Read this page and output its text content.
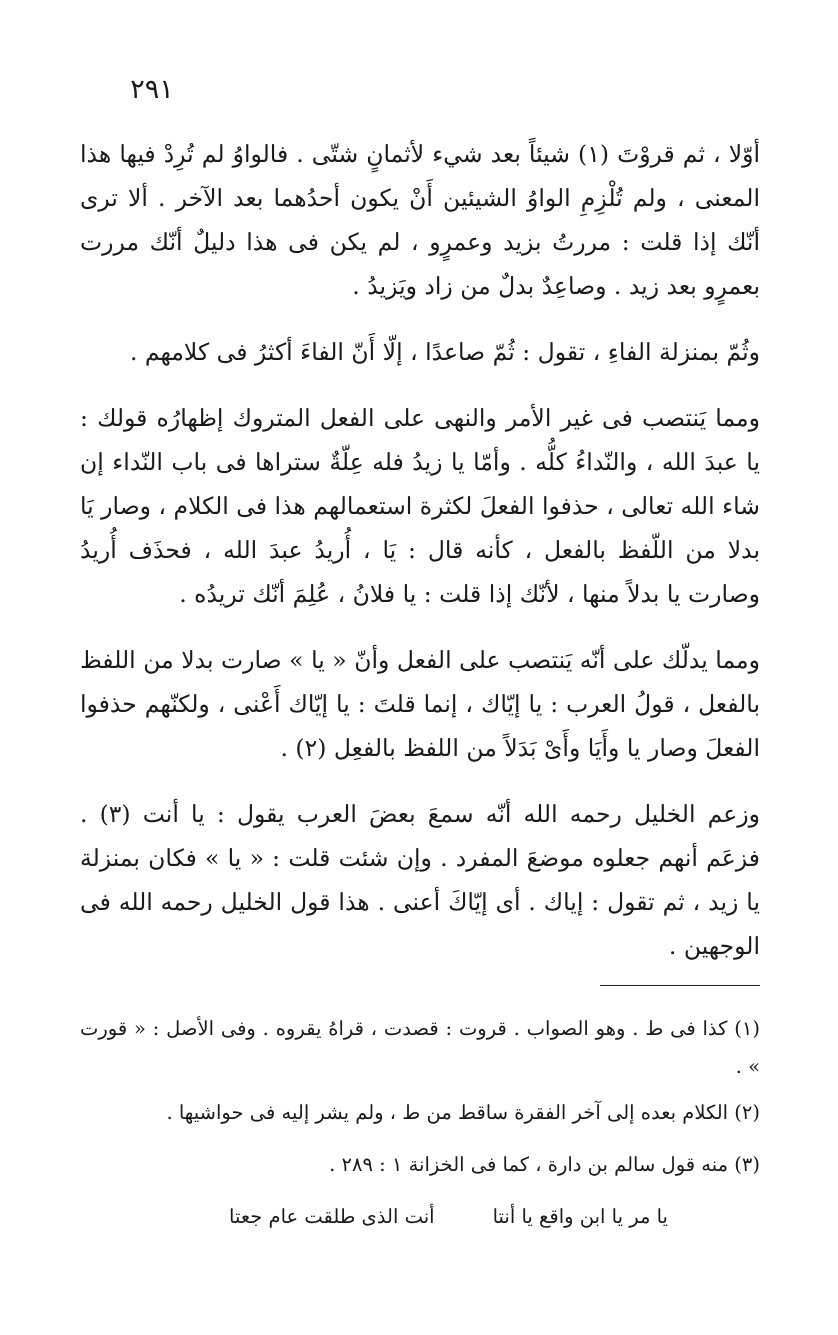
٢٩١

أوّلا ، ثم قروْتَ (١) شيئاً بعد شيء لأثمانٍ شتّى . فالواوُ لم تُرِدْ فيها هذا المعنى ، ولم تُلْزِمِ الواوُ الشيئين أَنْ يكون أحدُهما بعد الآخر . ألا ترى أنّك إذا قلت : مررتُ بزيد وعمرٍو ، لم يكن فى هذا دليلٌ أنّك مررت بعمرٍو بعد زيد . وصاعِدٌ بدلٌ من زاد ويَزيدُ .

وثُمّ بمنزلة الفاءِ ، تقول : ثُمّ صاعدًا ، إلّا أَنّ الفاءَ أكثرُ فى كلامهم .

ومما يَنتصب فى غير الأمر والنهى على الفعل المتروك إظهارُه قولك : يا عبدَ الله ، والنّداءُ كلُّه . وأمّا يا زيدُ فله عِلّةٌ ستراها فى باب النّداء إن شاء الله تعالى ، حذفوا الفعلَ لكثرة استعمالهم هذا فى الكلام ، وصار يَا بدلا من اللّفظ بالفعل ، كأنه قال : يَا ، أُريدُ عبدَ الله ، فحذَف أُريدُ وصارت يا بدلاً منها ، لأنّك إذا قلت : يا فلانُ ، عُلِمَ أنّك تريدُه .

ومما يدلّك على أنّه يَنتصب على الفعل وأنّ « يا » صارت بدلا من اللفظ بالفعل ، قولُ العرب : يا إيّاك ، إنما قلتَ : يا إيّاك أَعْنى ، ولكنّهم حذفوا الفعلَ وصار يا وأَيَا وأَىْ بَدَلاً من اللفظ بالفعِل (٢) .

وزعم الخليل رحمه الله أنّه سمعَ بعضَ العرب يقول : يا أنت (٣) . فزعَم أنهم جعلوه موضعَ المفرد . وإن شئت قلت : « يا » فكان بمنزلة يا زيد ، ثم تقول : إياك . أى إيّاكَ أعنى . هذا قول الخليل رحمه الله فى الوجهين .

(١) كذا فى ط . وهو الصواب . قروت : قصدت ، قراهُ يقروه . وفى الأصل : « قورت » .
(٢) الكلام بعده إلى آخر الفقرة ساقط من ط ، ولم يشر إليه فى حواشيها .
(٣) منه قول سالم بن دارة ، كما فى الخزانة ١ : ٢٨٩ .
يا مر يا ابن واقع يا أنتا
أنت الذى طلقت عام جعتا
